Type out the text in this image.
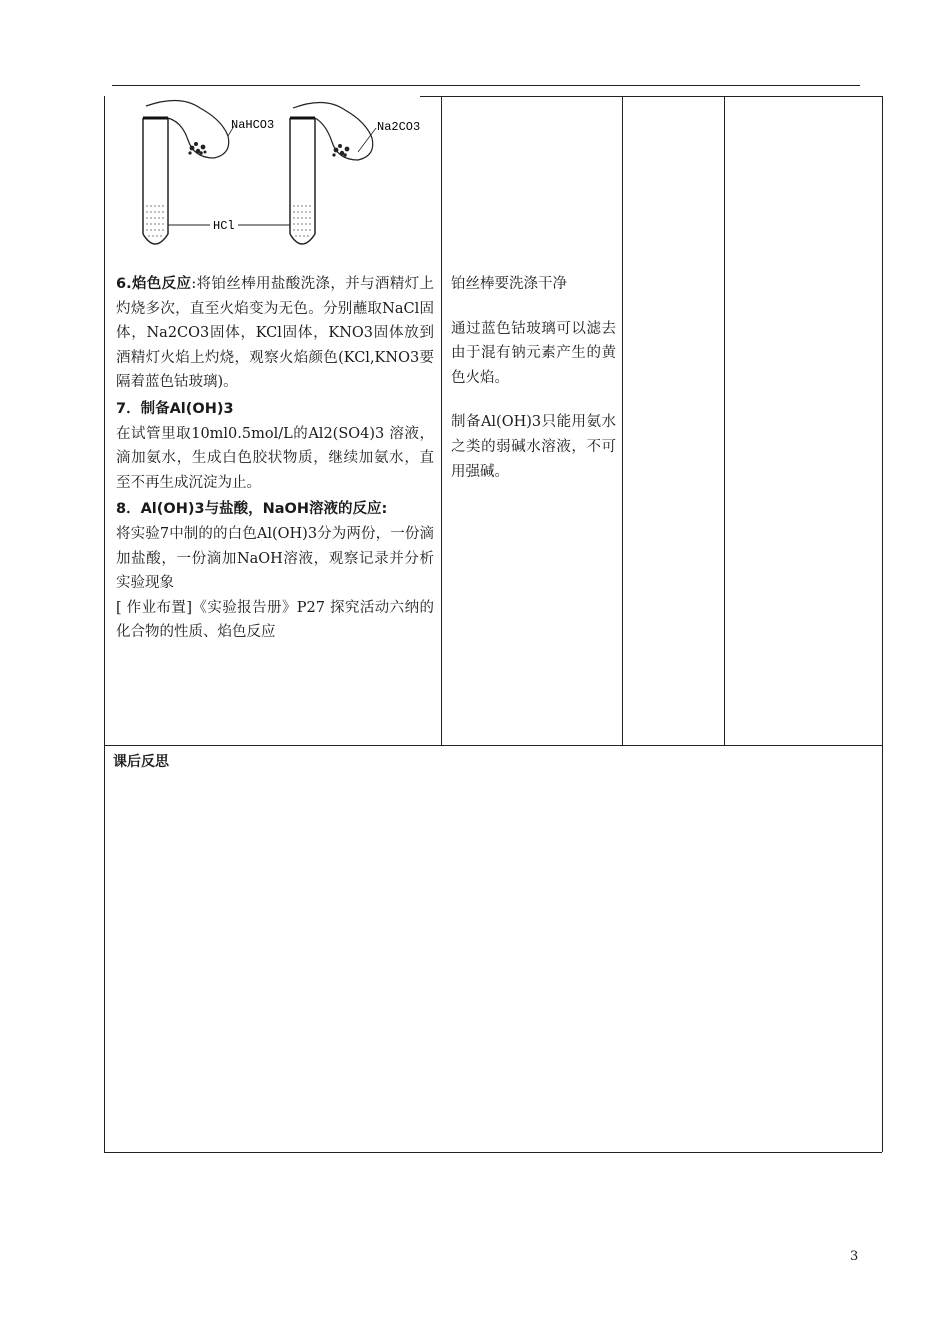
NaHCO3	Na2CO3
HCl

6.焰色反应:将铂丝棒用盐酸洗涤，并与酒精灯上灼烧多次，直至火焰变为无色。分别蘸取NaCl固体，Na2CO3固体，KCl固体，KNO3固体放到酒精灯火焰上灼烧，观察火焰颜色(KCl,KNO3要隔着蓝色钴玻璃)。

7．制备Al(OH)3

在试管里取10ml0.5mol/L的Al2(SO4)3 溶液，滴加氨水，生成白色胶状物质，继续加氨水，直至不再生成沉淀为止。

8．Al(OH)3与盐酸，NaOH溶液的反应:

将实验7中制的的白色Al(OH)3分为两份，一份滴加盐酸，一份滴加NaOH溶液，观察记录并分析实验现象

[ 作业布置]《实验报告册》P27 探究活动六纳的化合物的性质、焰色反应

铂丝棒要洗涤干净

通过蓝色钴玻璃可以滤去由于混有钠元素产生的黄色火焰。

制备Al(OH)3只能用氨水之类的弱碱水溶液，不可用强碱。

课后反思
3
